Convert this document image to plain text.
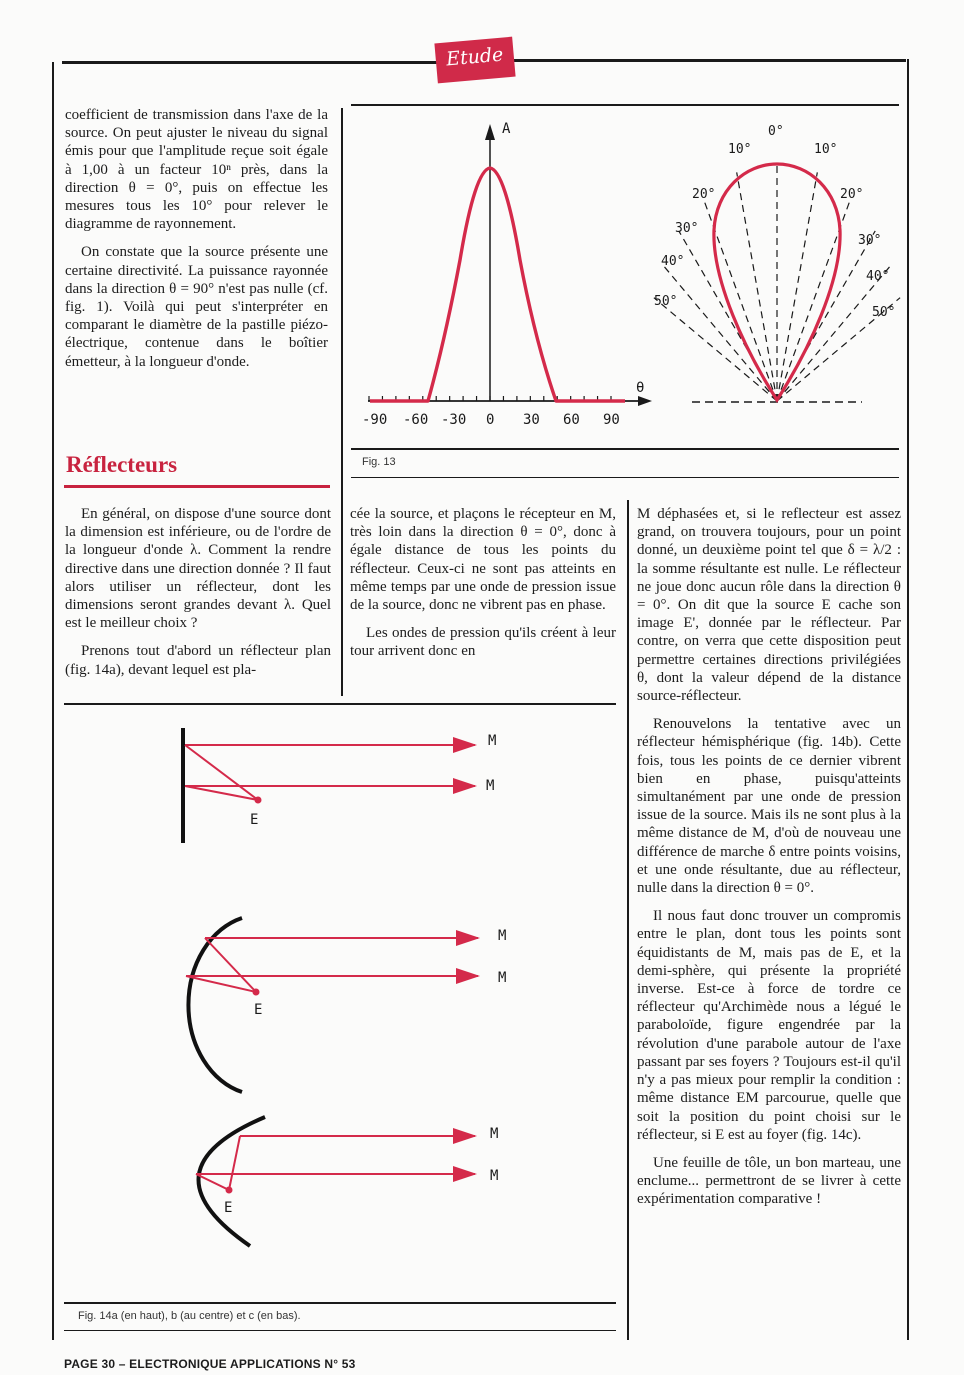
Etude

coefficient de transmission dans l'axe de la source. On peut ajuster le niveau du signal émis pour que l'amplitude reçue soit égale à 1,00 à un facteur 10ⁿ près, dans la direction θ = 0°, puis on effectue les mesures tous les 10° pour relever le diagramme de rayonnement.

On constate que la source présente une certaine directivité. La puissance rayonnée dans la direction θ = 90° n'est pas nulle (cf. fig. 1). Voilà qui peut s'interpréter en comparant le diamètre de la pastille piézo-électrique, contenue dans le boîtier émetteur, à la longueur d'onde.

Réflecteurs

En général, on dispose d'une source dont la dimension est inférieure, ou de l'ordre de la longueur d'onde λ. Comment la rendre directive dans une direction donnée ? Il faut alors utiliser un réflecteur, dont les dimensions seront grandes devant λ. Quel est le meilleur choix ?

Prenons tout d'abord un réflecteur plan (fig. 14a), devant lequel est pla-

cée la source, et plaçons le récepteur en M, très loin dans la direction θ = 0°, donc à égale distance de tous les points du réflecteur. Ceux-ci ne sont pas atteints en même temps par une onde de pression issue de la source, donc ne vibrent pas en phase.

Les ondes de pression qu'ils créent à leur tour arrivent donc en

M déphasées et, si le reflecteur est assez grand, on trouvera toujours, pour un point donné, un deuxième point tel que δ = λ/2 : la somme résultante est nulle. Le réflecteur ne joue donc aucun rôle dans la direction θ = 0°. On dit que la source E cache son image E', donnée par le réflecteur. Par contre, on verra que cette disposition peut permettre certaines directions privilégiées θ, dont la valeur dépend de la distance source-réflecteur.

Renouvelons la tentative avec un réflecteur hémisphérique (fig. 14b). Cette fois, tous les points de ce dernier vibrent bien en phase, puisqu'atteints simultanément par une onde de pression issue de la source. Mais ils ne sont plus à la même distance de M, d'où de nouveau une différence de marche δ entre points voisins, et une onde résultante, due au réflecteur, nulle dans la direction θ = 0°.

Il nous faut donc trouver un compromis entre le plan, dont tous les points sont équidistants de M, mais pas de E, et la demi-sphère, qui présente la propriété inverse. Est-ce à force de tordre ce réflecteur qu'Archimède nous a légué le paraboloïde, figure engendrée par la révolution d'une parabole autour de l'axe passant par ses foyers ? Toujours est-il qu'il n'y a pas mieux pour remplir la condition : même distance EM parcourue, quelle que soit la position du point choisi sur le réflecteur, si E est au foyer (fig. 14c).

Une feuille de tôle, un bon marteau, une enclume... permettront de se livrer à cette expérimentation comparative !

Fig. 13
A
θ
-90 -60 -30 0 30 60 90
0°
10°
20°
30°
40°
50°
10°
20°
30°
40°
50°
Fig. 14a (en haut), b (au centre) et c (en bas).
M
M
E
M
M
E
M
M
E
PAGE 30 – ELECTRONIQUE APPLICATIONS N° 53
